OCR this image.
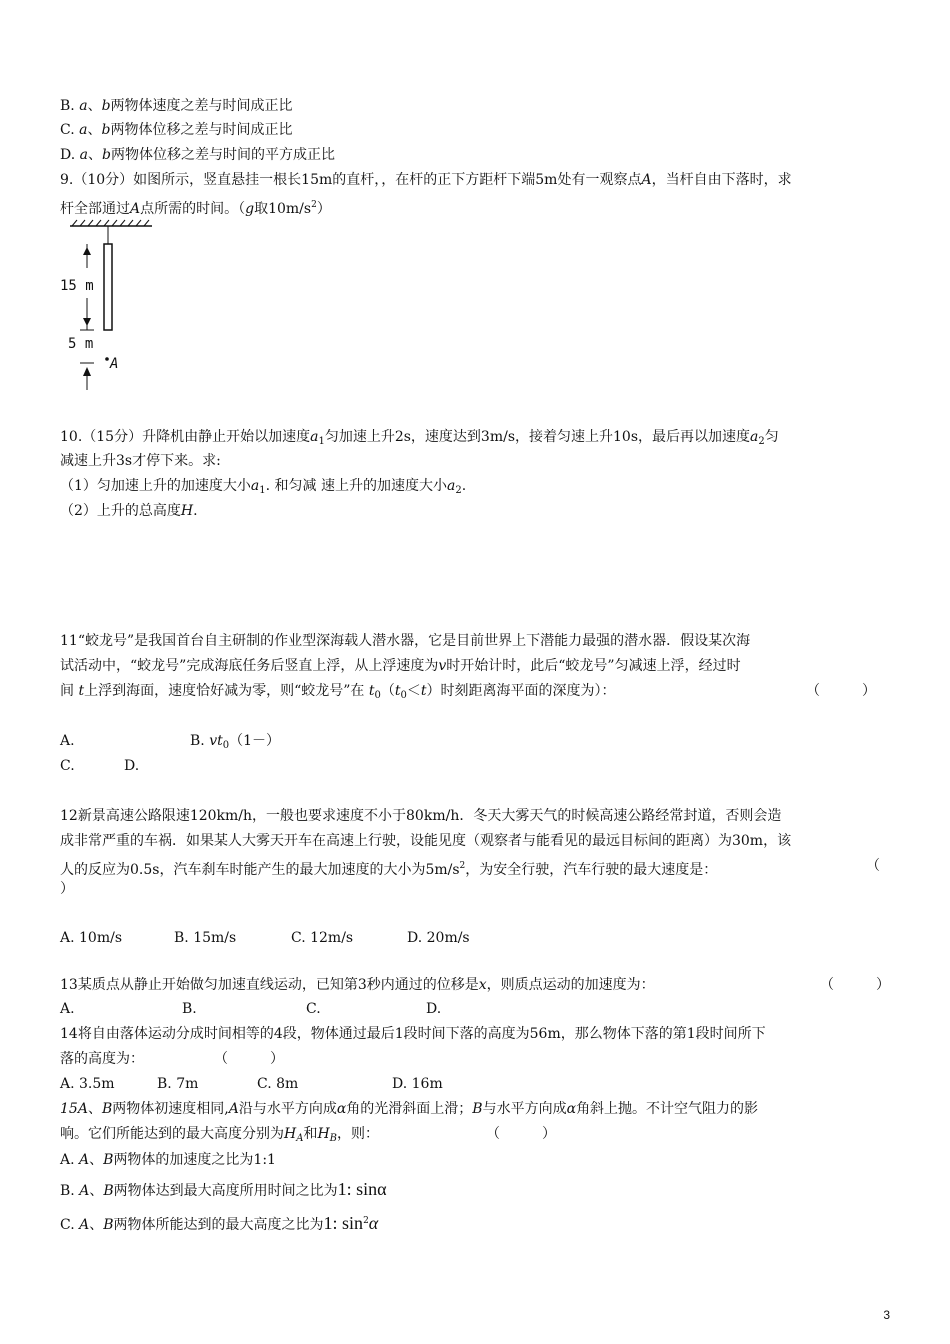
B. a、b两物体速度之差与时间成正比
C. a、b两物体位移之差与时间成正比
D. a、b两物体位移之差与时间的平方成正比
9.（10分）如图所示，竖直悬挂一根长15m的直杆，，在杆的正下方距杆下端5m处有一观察点A，当杆自由下落时，求
杆全部通过A点所需的时间。（g取$10m/s^2$）
15 m
5 m
A
10.（15分）升降机由静止开始以加速度$a_1$匀加速上升2s，速度达到3m/s，接着匀速上升10s，最后再以加速度$a_2$匀
减速上升3s才停下来。求:
（1）匀加速上升的加速度大小$a_1$. 和匀减 速上升的加速度大小$a_2$.
（2）上升的总高度H.
11“蛟龙号”是我国首台自主研制的作业型深海载人潜水器，它是目前世界上下潜能力最强的潜水器．假设某次海
试活动中，“蛟龙号”完成海底任务后竖直上浮，从上浮速度为v时开始计时，此后“蛟龙号”匀减速上浮，经过时
间 t上浮到海面，速度恰好减为零，则“蛟龙号”在 $t_0(t_0<t)$时刻距离海平面的深度为）：	（　　　）
A.	B. $vt_0(1-)$
C.	D.
12新景高速公路限速120km/h，一般也要求速度不小于80km/h．冬天大雾天气的时候高速公路经常封道，否则会造
成非常严重的车祸．如果某人大雾天开车在高速上行驶，设能见度（观察者与能看见的最远目标间的距离）为30m，该
人的反应为0.5s，汽车刹车时能产生的最大加速度的大小为$5m/s^2$，为安全行驶，汽车行驶的最大速度是：	（
）
A. 10m/s	B. 15m/s	C. 12m/s	D. 20m/s
13某质点从静止开始做匀加速直线运动，已知第3秒内通过的位移是x，则质点运动的加速度为：	（　　　）
A.	B.	C.	D.
14将自由落体运动分成时间相等的4段，物体通过最后1段时间下落的高度为56m，那么物体下落的第1段时间所下
落的高度为：	（　　　）
A. 3.5m	B. 7m	C. 8m	D. 16m
15A、B两物体初速度相同,A沿与水平方向成α角的光滑斜面上滑；B与水平方向成α角斜上抛。不计空气阻力的影
响。它们所能达到的最大高度分别为$H_A$和$H_B$，则：	（　　　）
A. A、B两物体的加速度之比为1:1
B. A、B两物体达到最大高度所用时间之比为1: sinα
C. A、B两物体所能达到的最大高度之比为1: $\sin^2\alpha$
3
